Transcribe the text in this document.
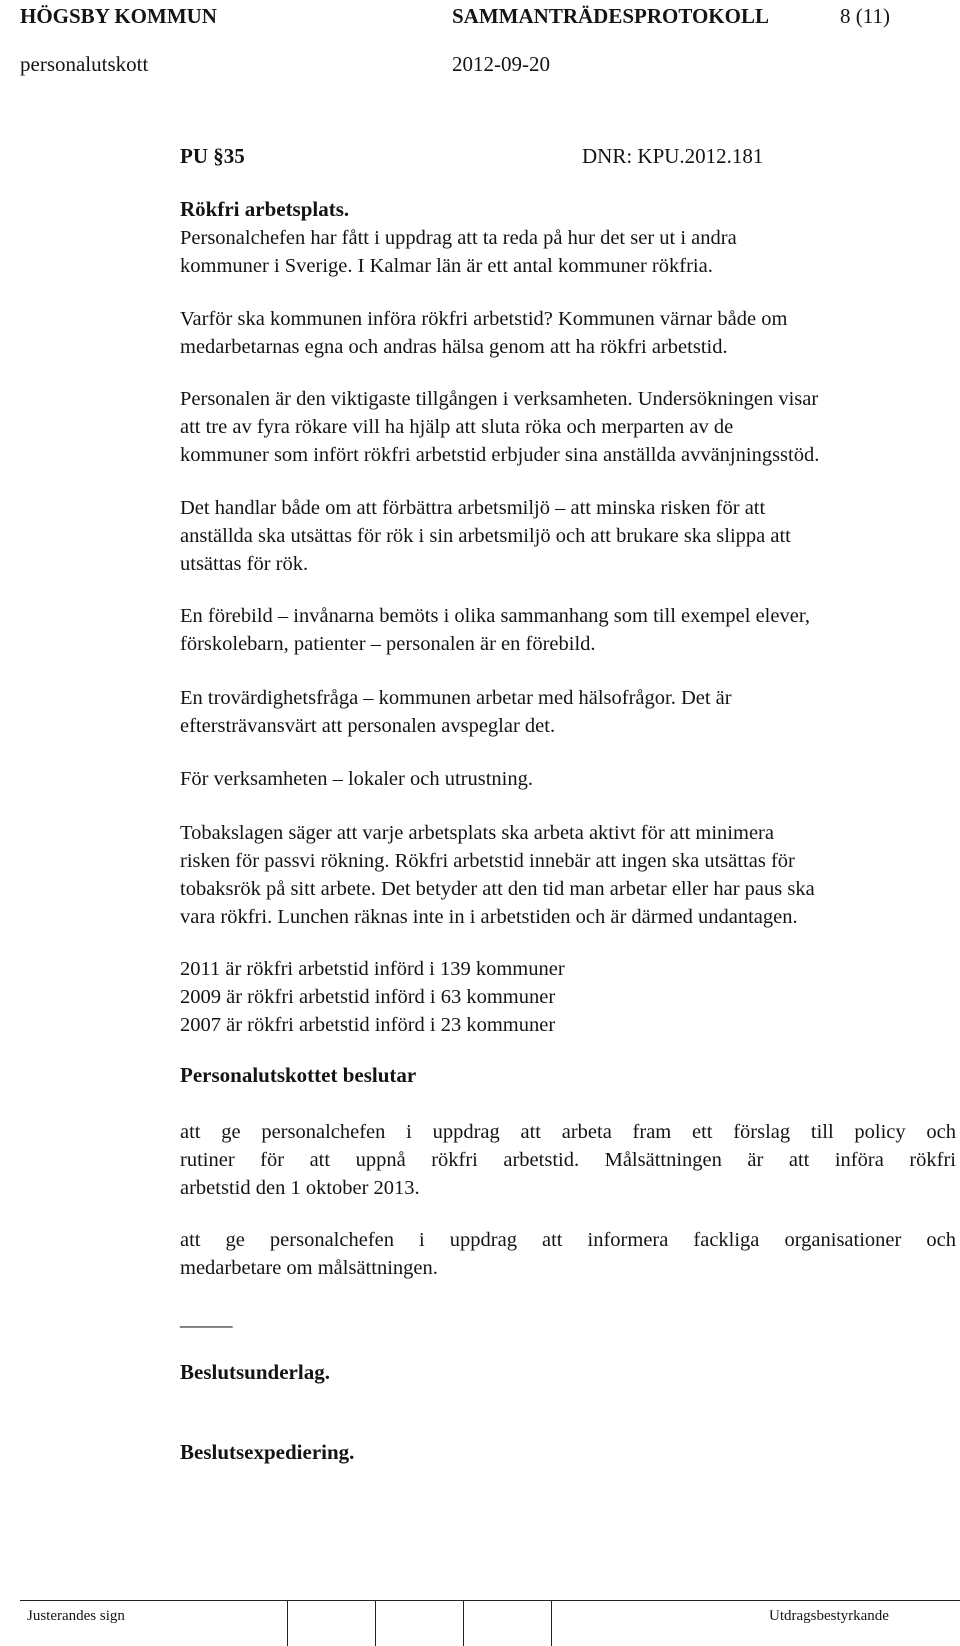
HÖGSBY KOMMUN	SAMMANTRÄDESPROTOKOLL	8 (11)
personalutskott	2012-09-20
PU §35	DNR: KPU.2012.181
Rökfri arbetsplats.
Personalchefen har fått i uppdrag att ta reda på hur det ser ut i andra
kommuner i Sverige. I Kalmar län är ett antal kommuner rökfria.
Varför ska kommunen införa rökfri arbetstid? Kommunen värnar både om
medarbetarnas egna och andras hälsa genom att ha rökfri arbetstid.
Personalen är den viktigaste tillgången i verksamheten. Undersökningen visar
att tre av fyra rökare vill ha hjälp att sluta röka och merparten av de
kommuner som infört rökfri arbetstid erbjuder sina anställda avvänjningsstöd.
Det handlar både om att förbättra arbetsmiljö – att minska risken för att
anställda ska utsättas för rök i sin arbetsmiljö och att brukare ska slippa att
utsättas för rök.
En förebild – invånarna bemöts i olika sammanhang som till exempel elever,
förskolebarn, patienter – personalen är en förebild.
En trovärdighetsfråga – kommunen arbetar med hälsofrågor. Det är
eftersträvansvärt att personalen avspeglar det.
För verksamheten – lokaler och utrustning.
Tobakslagen säger att varje arbetsplats ska arbeta aktivt för att minimera
risken för passvi rökning. Rökfri arbetstid innebär att ingen ska utsättas för
tobaksrök på sitt arbete. Det betyder att den tid man arbetar eller har paus ska
vara rökfri. Lunchen räknas inte in i arbetstiden och är därmed undantagen.
2011 är rökfri arbetstid införd i 139 kommuner
2009 är rökfri arbetstid införd i 63 kommuner
2007 är rökfri arbetstid införd i 23 kommuner
Personalutskottet beslutar
att ge personalchefen i uppdrag att arbeta fram ett förslag till policy och
rutiner för att uppnå rökfri arbetstid. Målsättningen är att införa rökfri
arbetstid den 1 oktober 2013.
att ge personalchefen i uppdrag att informera fackliga organisationer och
medarbetare om målsättningen.
_____
Beslutsunderlag.
Beslutsexpediering.
Justerandes sign	Utdragsbestyrkande
